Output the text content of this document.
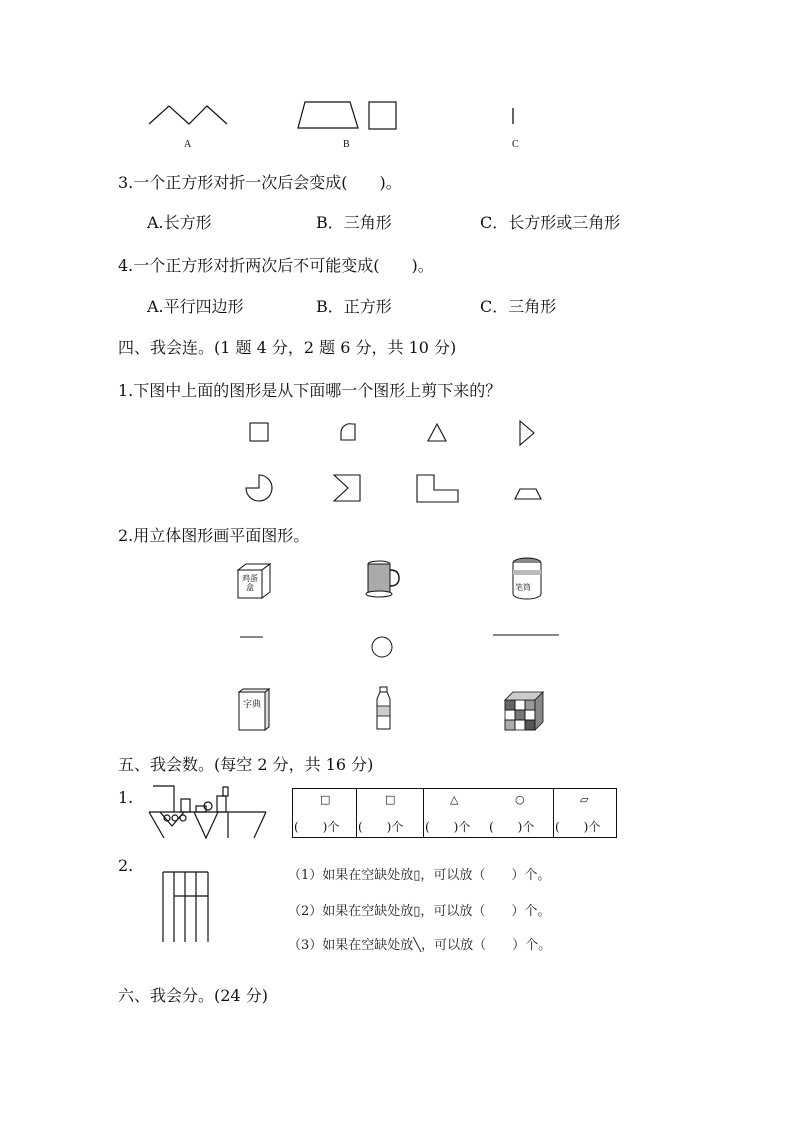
A	B	C
3.一个正方形对折一次后会变成(　　)。
A.长方形	B．三角形	C．长方形或三角形
4.一个正方形对折两次后不可能变成(　　)。
A.平行四边形	B．正方形	C．三角形
四、我会连。(1 题 4 分，2 题 6 分，共 10 分)
1.下图中上面的图形是从下面哪一个图形上剪下来的？
2.用立体图形画平面图形。
鸡蛋盒	笔筒
字典
五、我会数。(每空 2 分，共 16 分)
1.	□	□	△	○	▱
(　　)个 (　　)个 (　　)个 (　　)个 (　　)个
2.
（1）如果在空缺处放▯，可以放（　　）个。
（2）如果在空缺处放▯，可以放（　　）个。
（3）如果在空缺处放╲，可以放（　　）个。
六、我会分。(24 分)
